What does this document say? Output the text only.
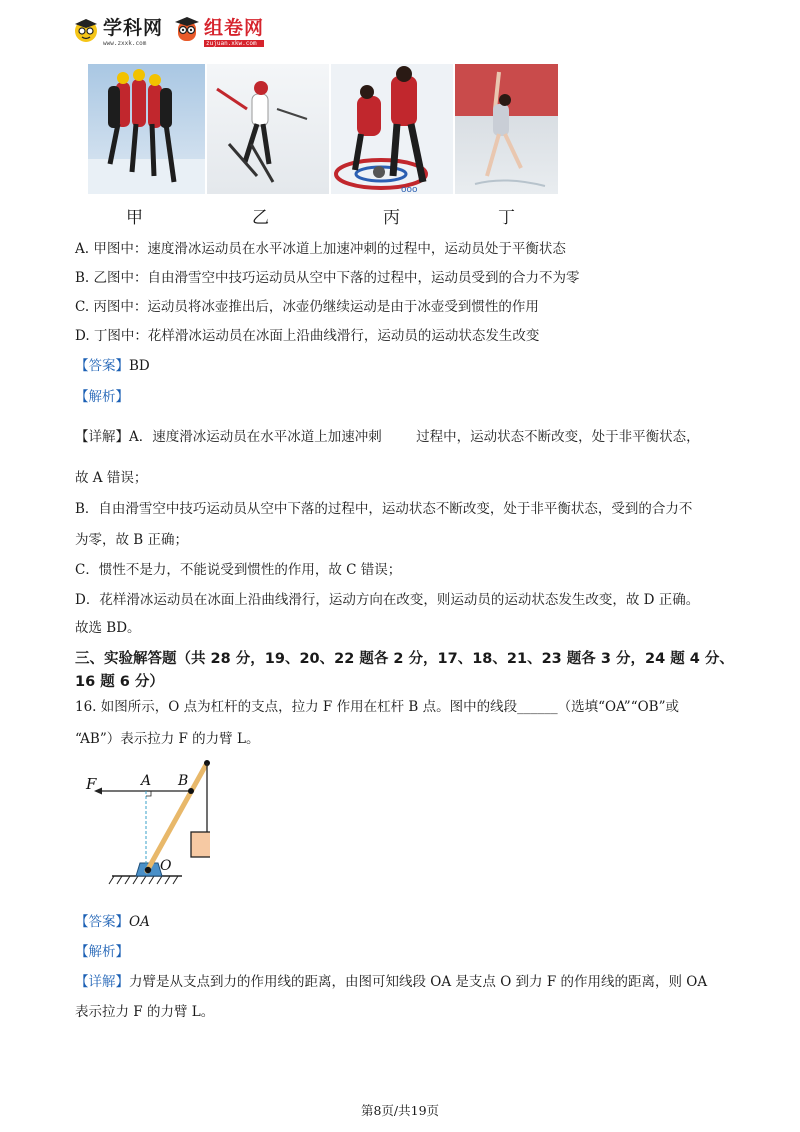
学科网
www.zxxk.com
组卷网
zujuan.xkw.com
ooo
甲	乙	丙	丁
A. 甲图中：速度滑冰运动员在水平冰道上加速冲刺的过程中，运动员处于平衡状态
B. 乙图中：自由滑雪空中技巧运动员从空中下落的过程中，运动员受到的合力不为零
C. 丙图中：运动员将冰壶推出后，冰壶仍继续运动是由于冰壶受到惯性的作用
D. 丁图中：花样滑冰运动员在冰面上沿曲线滑行，运动员的运动状态发生改变
【答案】BD
【解析】
【详解】A．速度滑冰运动员在水平冰道上加速冲刺        过程中，运动状态不断改变，处于非平衡状态，
故 A 错误；
B．自由滑雪空中技巧运动员从空中下落的过程中，运动状态不断改变，处于非平衡状态，受到的合力不
为零，故 B 正确；
C．惯性不是力，不能说受到惯性的作用，故 C 错误；
D．花样滑冰运动员在冰面上沿曲线滑行，运动方向在改变，则运动员的运动状态发生改变，故 D 正确。
故选 BD。
三、实验解答题（共 28 分，19、20、22 题各 2 分，17、18、21、23 题各 3 分，24 题 4 分、
16 题 6 分）
16. 如图所示，O 点为杠杆的支点，拉力 F 作用在杠杆 B 点。图中的线段______（选填“OA”“OB”或
“AB”）表示拉力 F 的力臂 L。
F	A B
O
【答案】OA
【解析】
【详解】力臂是从支点到力的作用线的距离，由图可知线段 OA 是支点 O 到力 F 的作用线的距离，则 OA
表示拉力 F 的力臂 L。
第8页/共19页
